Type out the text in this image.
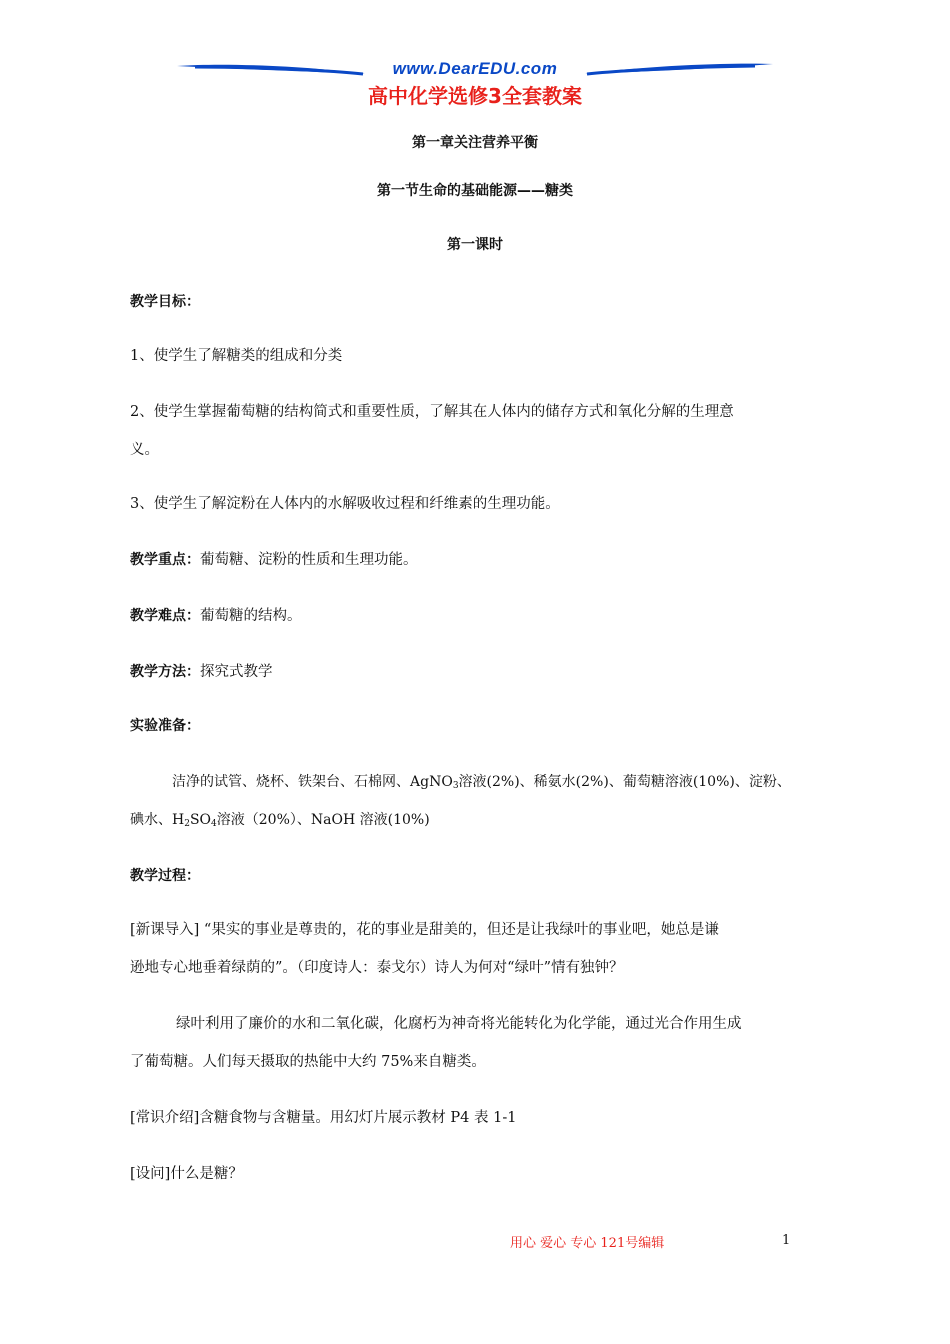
www.DearEDU.com
高中化学选修3全套教案
第一章关注营养平衡
第一节生命的基础能源——糖类
第一课时
教学目标：
1、使学生了解糖类的组成和分类
2、使学生掌握葡萄糖的结构简式和重要性质，了解其在人体内的储存方式和氧化分解的生理意
义。
3、使学生了解淀粉在人体内的水解吸收过程和纤维素的生理功能。
教学重点：葡萄糖、淀粉的性质和生理功能。
教学难点：葡萄糖的结构。
教学方法：探究式教学
实验准备：
洁净的试管、烧杯、铁架台、石棉网、AgNO$_3$溶液(2%)、稀氨水(2%)、葡萄糖溶液(10%)、淀粉、
碘水、$H_2SO_4$溶液（20%）、NaOH 溶液(10%)
教学过程：
[新课导入] “果实的事业是尊贵的，花的事业是甜美的，但还是让我绿叶的事业吧，她总是谦
逊地专心地垂着绿荫的”。（印度诗人：泰戈尔）诗人为何对“绿叶”情有独钟？
绿叶利用了廉价的水和二氧化碳，化腐朽为神奇将光能转化为化学能，通过光合作用生成
了葡萄糖。人们每天摄取的热能中大约 75%来自糖类。
[常识介绍]含糖食物与含糖量。用幻灯片展示教材 P4 表 1-1
[设问]什么是糖？
用心 爱心 专心 121号编辑	1
